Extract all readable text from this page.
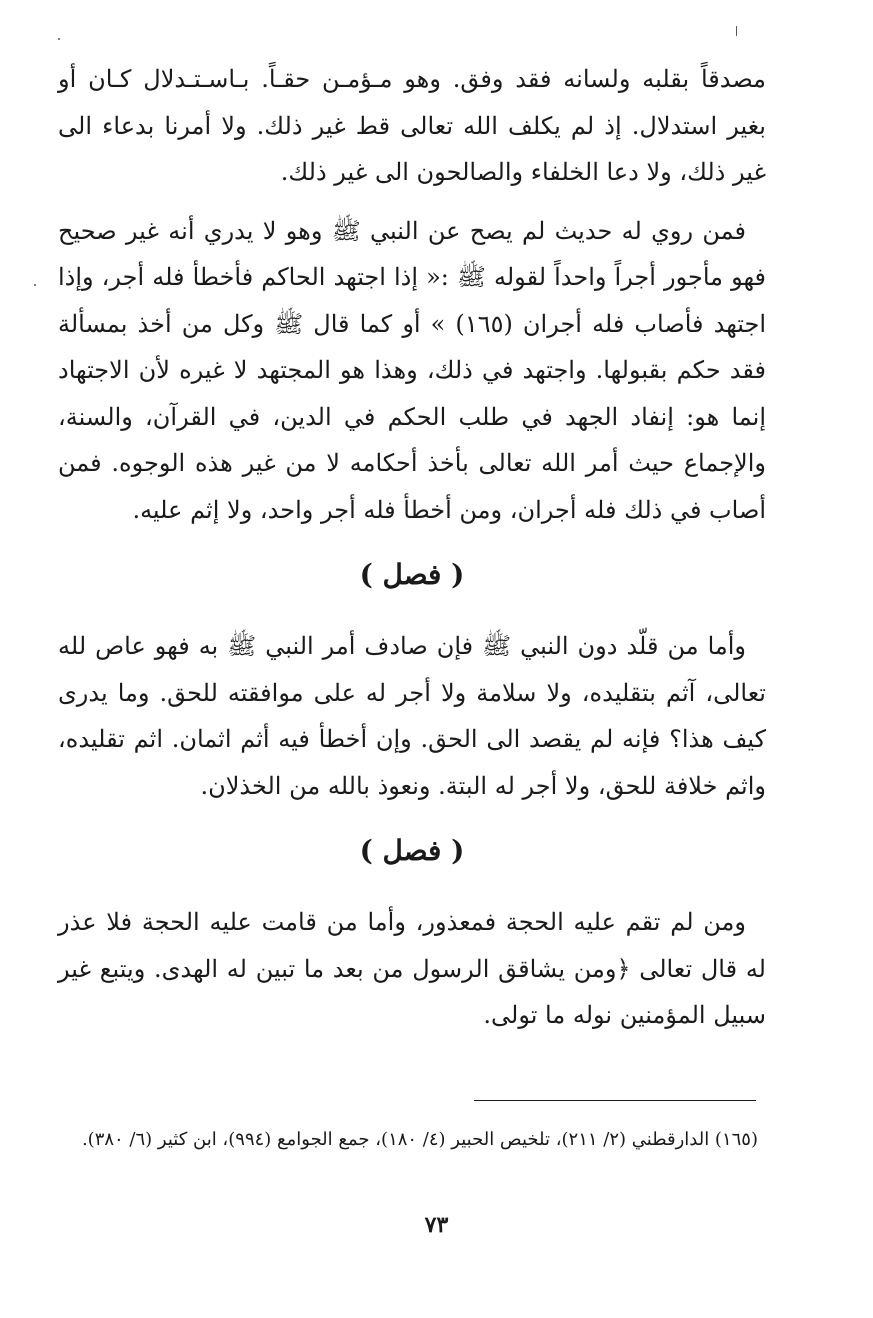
مصدقاً بقلبه ولسانه فقد وفق. وهو مـؤمـن حقـاً. بـاسـتـدلال كـان أو بغير استدلال. إذ لم يكلف الله تعالى قط غير ذلك. ولا أمرنا بدعاء الى غير ذلك، ولا دعا الخلفاء والصالحون الى غير ذلك.

فمن روي له حديث لم يصح عن النبي ﷺ وهو لا يدري أنه غير صحيح فهو مأجور أجراً واحداً لقوله ﷺ :« إذا اجتهد الحاكم فأخطأ فله أجر، وإذا اجتهد فأصاب فله أجران (١٦٥) » أو كما قال ﷺ وكل من أخذ بمسألة فقد حكم بقبولها. واجتهد في ذلك، وهذا هو المجتهد لا غيره لأن الاجتهاد إنما هو: إنفاد الجهد في طلب الحكم في الدين، في القرآن، والسنة، والإجماع حيث أمر الله تعالى بأخذ أحكامه لا من غير هذه الوجوه. فمن أصاب في ذلك فله أجران، ومن أخطأ فله أجر واحد، ولا إثم عليه.

( فصل )

وأما من قلّد دون النبي ﷺ فإن صادف أمر النبي ﷺ به فهو عاص لله تعالى، آثم بتقليده، ولا سلامة ولا أجر له على موافقته للحق. وما يدرى كيف هذا؟ فإنه لم يقصد الى الحق. وإن أخطأ فيه أثم اثمان. اثم تقليده، واثم خلافة للحق، ولا أجر له البتة. ونعوذ بالله من الخذلان.

( فصل )

ومن لم تقم عليه الحجة فمعذور، وأما من قامت عليه الحجة فلا عذر له قال تعالى ﴿ومن يشاقق الرسول من بعد ما تبين له الهدى. ويتبع غير سبيل المؤمنين نوله ما تولى.

(١٦٥) الدارقطني (٢/ ٢١١)، تلخيص الحبير (٤/ ١٨٠)، جمع الجوامع (٩٩٤)، ابن كثير (٦/ ٣٨٠).
٧٣
